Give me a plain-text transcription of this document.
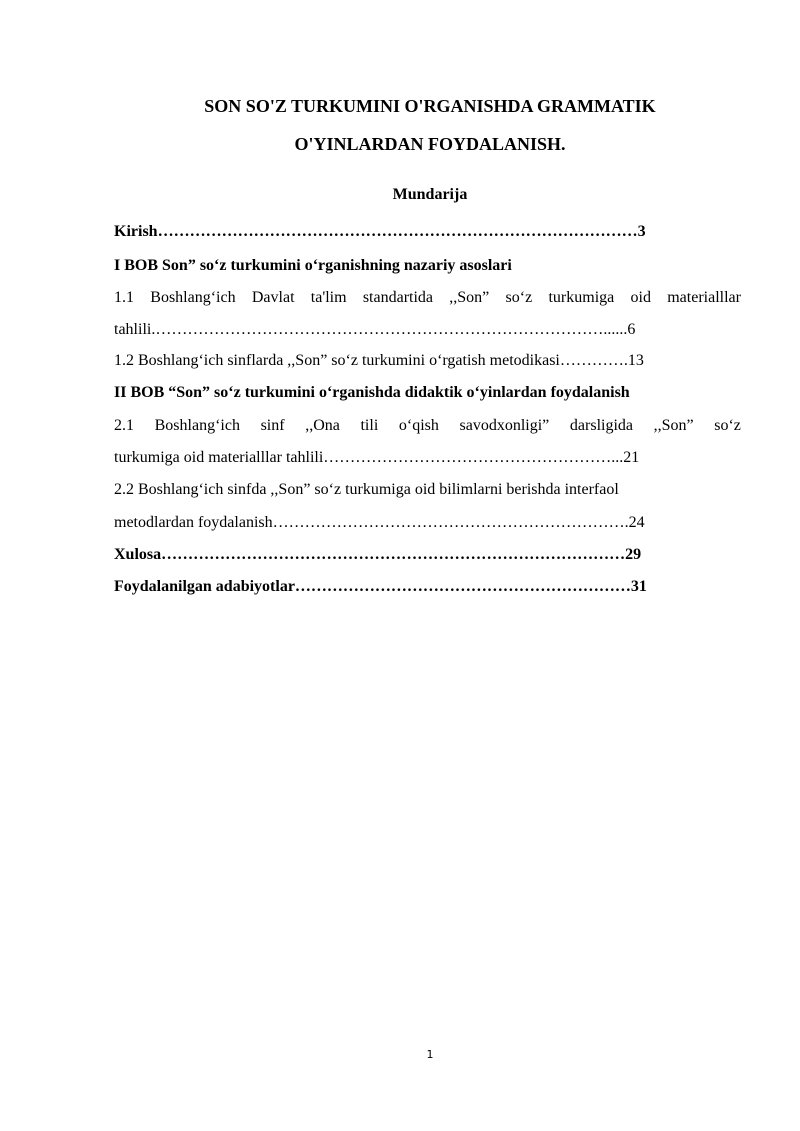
SON SO'Z TURKUMINI O'RGANISHDA GRAMMATIK
O'YINLARDAN FOYDALANISH.
Mundarija
Kirish………………………………………………………………………………3
I BOB Son” so‘z turkumini o‘rganishning nazariy asoslari
1.1 Boshlang‘ich Davlat ta'lim standartida ,,Son” so‘z turkumiga oid materialllar
tahlili.…………………………………………………………………………......6
1.2 Boshlang‘ich sinflarda ,,Son” so‘z turkumini o‘rgatish metodikasi………….13
II BOB “Son” so‘z turkumini o‘rganishda didaktik o‘yinlardan foydalanish
2.1 Boshlang‘ich sinf ,,Ona tili o‘qish savodxonligi” darsligida ,,Son” so‘z
turkumiga oid materialllar tahlili………………………………………………...21
2.2 Boshlang‘ich sinfda ,,Son” so‘z turkumiga oid bilimlarni berishda interfaol
metodlardan foydalanish………………………………………………………….24
Xulosa……………………………………………………………………………29
Foydalanilgan adabiyotlar………………………………………………………31
1
